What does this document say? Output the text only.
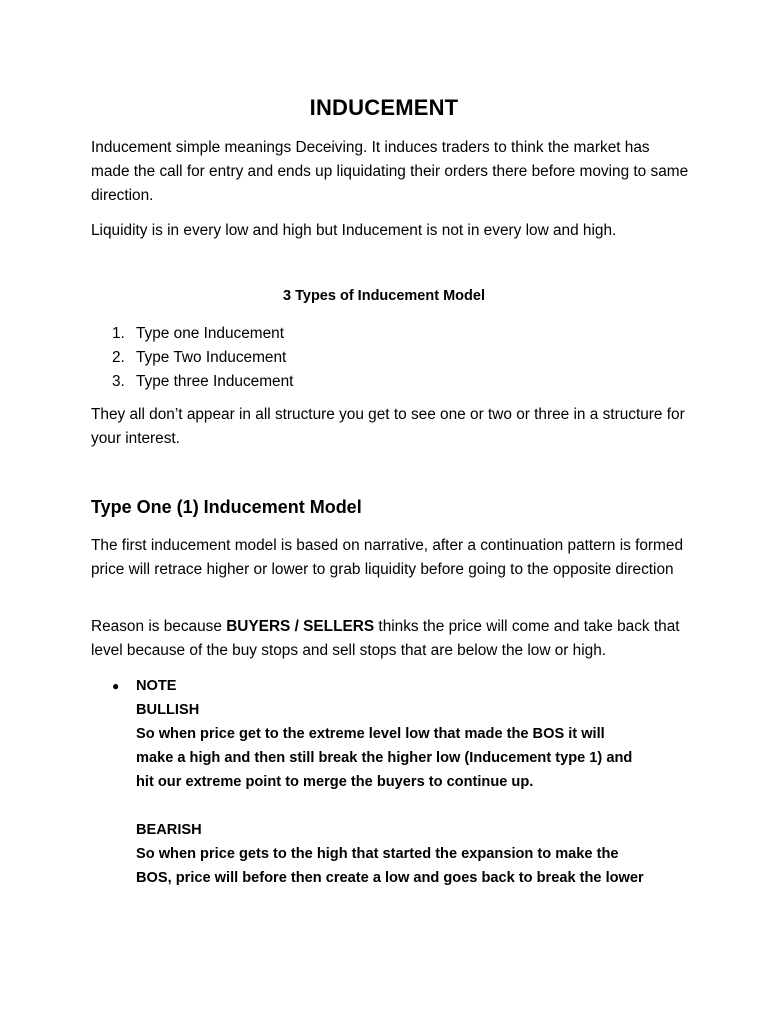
INDUCEMENT

Inducement simple meanings Deceiving. It induces traders to think the market has made the call for entry and ends up liquidating their orders there before moving to same direction.

Liquidity is in every low and high but Inducement is not in every low and high.

3 Types of Inducement Model
1. Type one Inducement
2. Type Two Inducement
3. Type three Inducement

They all don’t appear in all structure you get to see one or two or three in a structure for your interest.

Type One (1) Inducement Model

The first inducement model is based on narrative, after a continuation pattern is formed price will retrace higher or lower to grab liquidity before going to the opposite direction

Reason is because BUYERS / SELLERS thinks the price will come and take back that level because of the buy stops and sell stops that are below the low or high.

● NOTE
BULLISH
So when price get to the extreme level low that made the BOS it will
make a high and then still break the higher low (Inducement type 1) and
hit our extreme point to merge the buyers to continue up.
BEARISH
So when price gets to the high that started the expansion to make the
BOS, price will before then create a low and goes back to break the lower
